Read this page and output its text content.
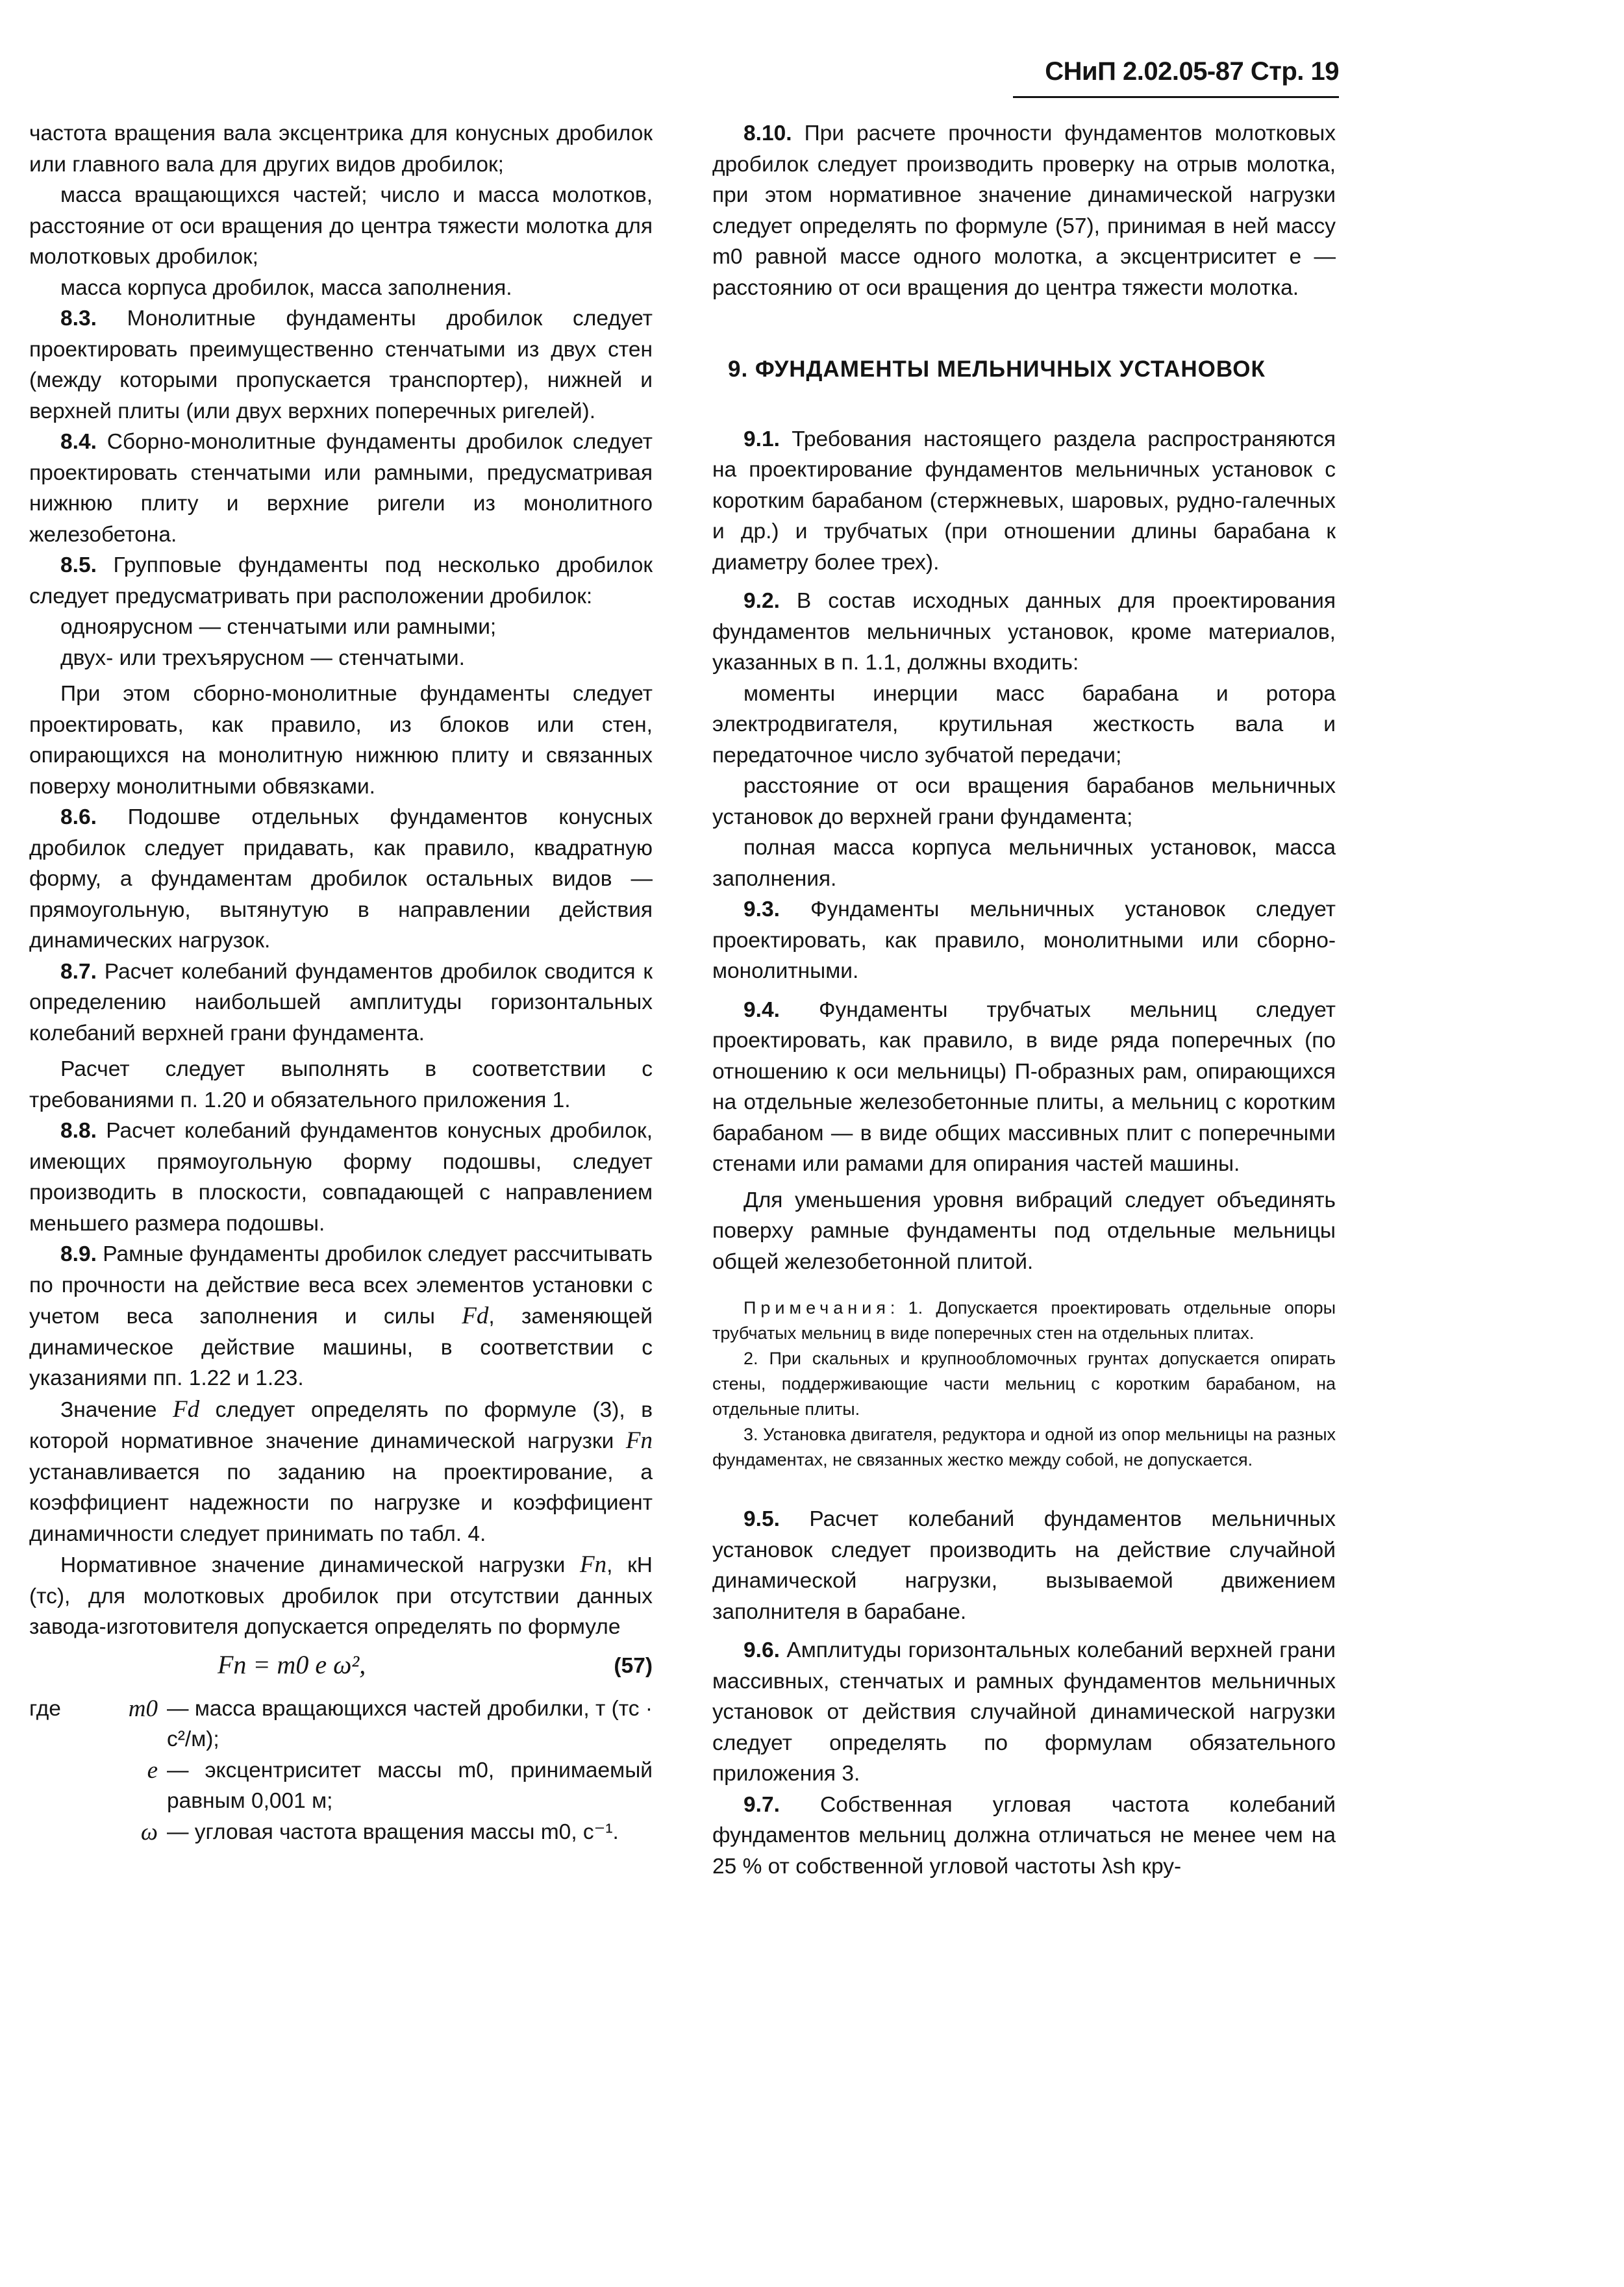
СНиП 2.02.05-87 Стр. 19

частота вращения вала эксцентрика для конусных дробилок или главного вала для других видов дробилок;

масса вращающихся частей; число и масса молотков, расстояние от оси вращения до центра тяжести молотка для молотковых дробилок;

масса корпуса дробилок, масса заполнения.

8.3. Монолитные фундаменты дробилок следует проектировать преимущественно стенчатыми из двух стен (между которыми пропускается транспортер), нижней и верхней плиты (или двух верхних поперечных ригелей).

8.4. Сборно-монолитные фундаменты дробилок следует проектировать стенчатыми или рамными, предусматривая нижнюю плиту и верхние ригели из монолитного железобетона.

8.5. Групповые фундаменты под несколько дробилок следует предусматривать при расположении дробилок:

одноярусном — стенчатыми или рамными;

двух- или трехъярусном — стенчатыми.

При этом сборно-монолитные фундаменты следует проектировать, как правило, из блоков или стен, опирающихся на монолитную нижнюю плиту и связанных поверху монолитными обвязками.

8.6. Подошве отдельных фундаментов конусных дробилок следует придавать, как правило, квадратную форму, а фундаментам дробилок остальных видов — прямоугольную, вытянутую в направлении действия динамических нагрузок.

8.7. Расчет колебаний фундаментов дробилок сводится к определению наибольшей амплитуды горизонтальных колебаний верхней грани фундамента.

Расчет следует выполнять в соответствии с требованиями п. 1.20 и обязательного приложения 1.

8.8. Расчет колебаний фундаментов конусных дробилок, имеющих прямоугольную форму подошвы, следует производить в плоскости, совпадающей с направлением меньшего размера подошвы.

8.9. Рамные фундаменты дробилок следует рассчитывать по прочности на действие веса всех элементов установки с учетом веса заполнения и силы Fd, заменяющей динамическое действие машины, в соответствии с указаниями пп. 1.22 и 1.23.

Значение Fd следует определять по формуле (3), в которой нормативное значение динамической нагрузки Fn устанавливается по заданию на проектирование, а коэффициент надежности по нагрузке и коэффициент динамичности следует принимать по табл. 4.

Нормативное значение динамической нагрузки Fn, кН (тс), для молотковых дробилок при отсутствии данных завода-изготовителя допускается определять по формуле

Fn = m0 e ω²,	(57)
где	m0 — масса вращающихся частей дробилки, т (тс · с²/м);
e — эксцентриситет массы m0, принимаемый равным 0,001 м;
ω — угловая частота вращения массы m0, с⁻¹.

8.10. При расчете прочности фундаментов молотковых дробилок следует производить проверку на отрыв молотка, при этом нормативное значение динамической нагрузки следует определять по формуле (57), принимая в ней массу m0 равной массе одного молотка, а эксцентриситет e — расстоянию от оси вращения до центра тяжести молотка.

9. ФУНДАМЕНТЫ МЕЛЬНИЧНЫХ УСТАНОВОК

9.1. Требования настоящего раздела распространяются на проектирование фундаментов мельничных установок с коротким барабаном (стержневых, шаровых, рудно-галечных и др.) и трубчатых (при отношении длины барабана к диаметру более трех).

9.2. В состав исходных данных для проектирования фундаментов мельничных установок, кроме материалов, указанных в п. 1.1, должны входить:

моменты инерции масс барабана и ротора электродвигателя, крутильная жесткость вала и передаточное число зубчатой передачи;

расстояние от оси вращения барабанов мельничных установок до верхней грани фундамента;

полная масса корпуса мельничных установок, масса заполнения.

9.3. Фундаменты мельничных установок следует проектировать, как правило, монолитными или сборно-монолитными.

9.4. Фундаменты трубчатых мельниц следует проектировать, как правило, в виде ряда поперечных (по отношению к оси мельницы) П-образных рам, опирающихся на отдельные железобетонные плиты, а мельниц с коротким барабаном — в виде общих массивных плит с поперечными стенами или рамами для опирания частей машины.

Для уменьшения уровня вибраций следует объединять поверху рамные фундаменты под отдельные мельницы общей железобетонной плитой.

Примечания: 1. Допускается проектировать отдельные опоры трубчатых мельниц в виде поперечных стен на отдельных плитах.

2. При скальных и крупнообломочных грунтах допускается опирать стены, поддерживающие части мельниц с коротким барабаном, на отдельные плиты.

3. Установка двигателя, редуктора и одной из опор мельницы на разных фундаментах, не связанных жестко между собой, не допускается.

9.5. Расчет колебаний фундаментов мельничных установок следует производить на действие случайной динамической нагрузки, вызываемой движением заполнителя в барабане.

9.6. Амплитуды горизонтальных колебаний верхней грани массивных, стенчатых и рамных фундаментов мельничных установок от действия случайной динамической нагрузки следует определять по формулам обязательного приложения 3.

9.7. Собственная угловая частота колебаний фундаментов мельниц должна отличаться не менее чем на 25 % от собственной угловой частоты λsh кру-
